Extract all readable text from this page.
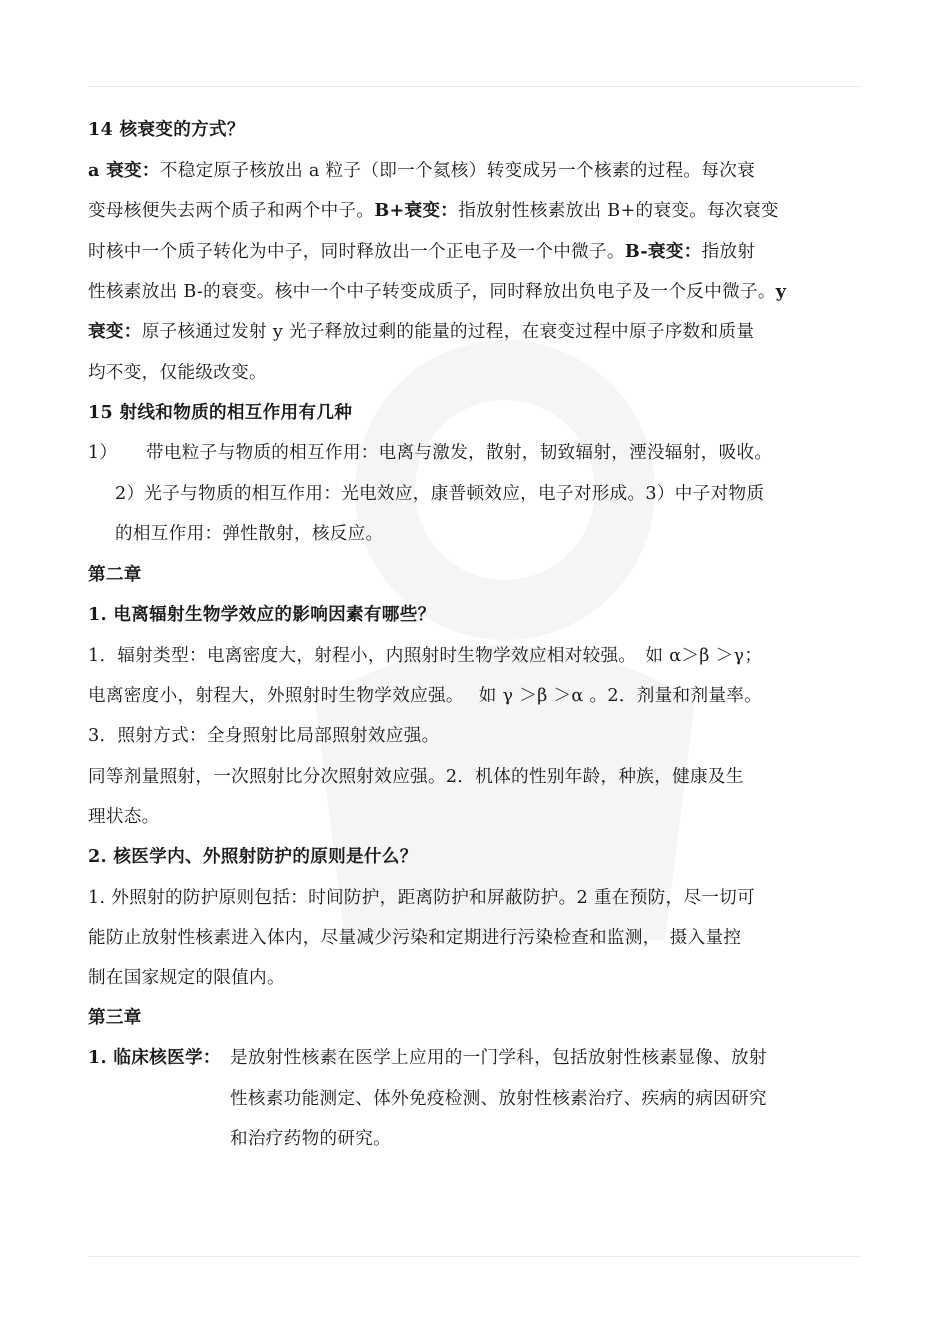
14 核衰变的方式？
a 衰变：不稳定原子核放出 a 粒子（即一个氦核）转变成另一个核素的过程。每次衰
变母核便失去两个质子和两个中子。B+衰变：指放射性核素放出 B+的衰变。每次衰变
时核中一个质子转化为中子，同时释放出一个正电子及一个中微子。B-衰变：指放射
性核素放出 B-的衰变。核中一个中子转变成质子，同时释放出负电子及一个反中微子。y
衰变：原子核通过发射 y 光子释放过剩的能量的过程，在衰变过程中原子序数和质量
均不变，仅能级改变。
15 射线和物质的相互作用有几种
1） 带电粒子与物质的相互作用：电离与激发，散射，韧致辐射，湮没辐射，吸收。
2）光子与物质的相互作用：光电效应，康普顿效应，电子对形成。3）中子对物质
的相互作用：弹性散射，核反应。
第二章
1. 电离辐射生物学效应的影响因素有哪些？
1．辐射类型：电离密度大，射程小，内照射时生物学效应相对较强。　如 α＞β ＞γ；
电离密度小，射程大，外照射时生物学效应强。　 如 γ ＞β ＞α 。2．剂量和剂量率。
3．照射方式：全身照射比局部照射效应强。
同等剂量照射，一次照射比分次照射效应强。2．机体的性别年龄，种族，健康及生
理状态。
2. 核医学内、外照射防护的原则是什么？
1. 外照射的防护原则包括：时间防护，距离防护和屏蔽防护。2 重在预防，尽一切可
能防止放射性核素进入体内，尽量减少污染和定期进行污染检查和监测，　摄入量控
制在国家规定的限值内。
第三章
1. 临床核医学： 是放射性核素在医学上应用的一门学科，包括放射性核素显像、放射
性核素功能测定、体外免疫检测、放射性核素治疗、疾病的病因研究
和治疗药物的研究。
